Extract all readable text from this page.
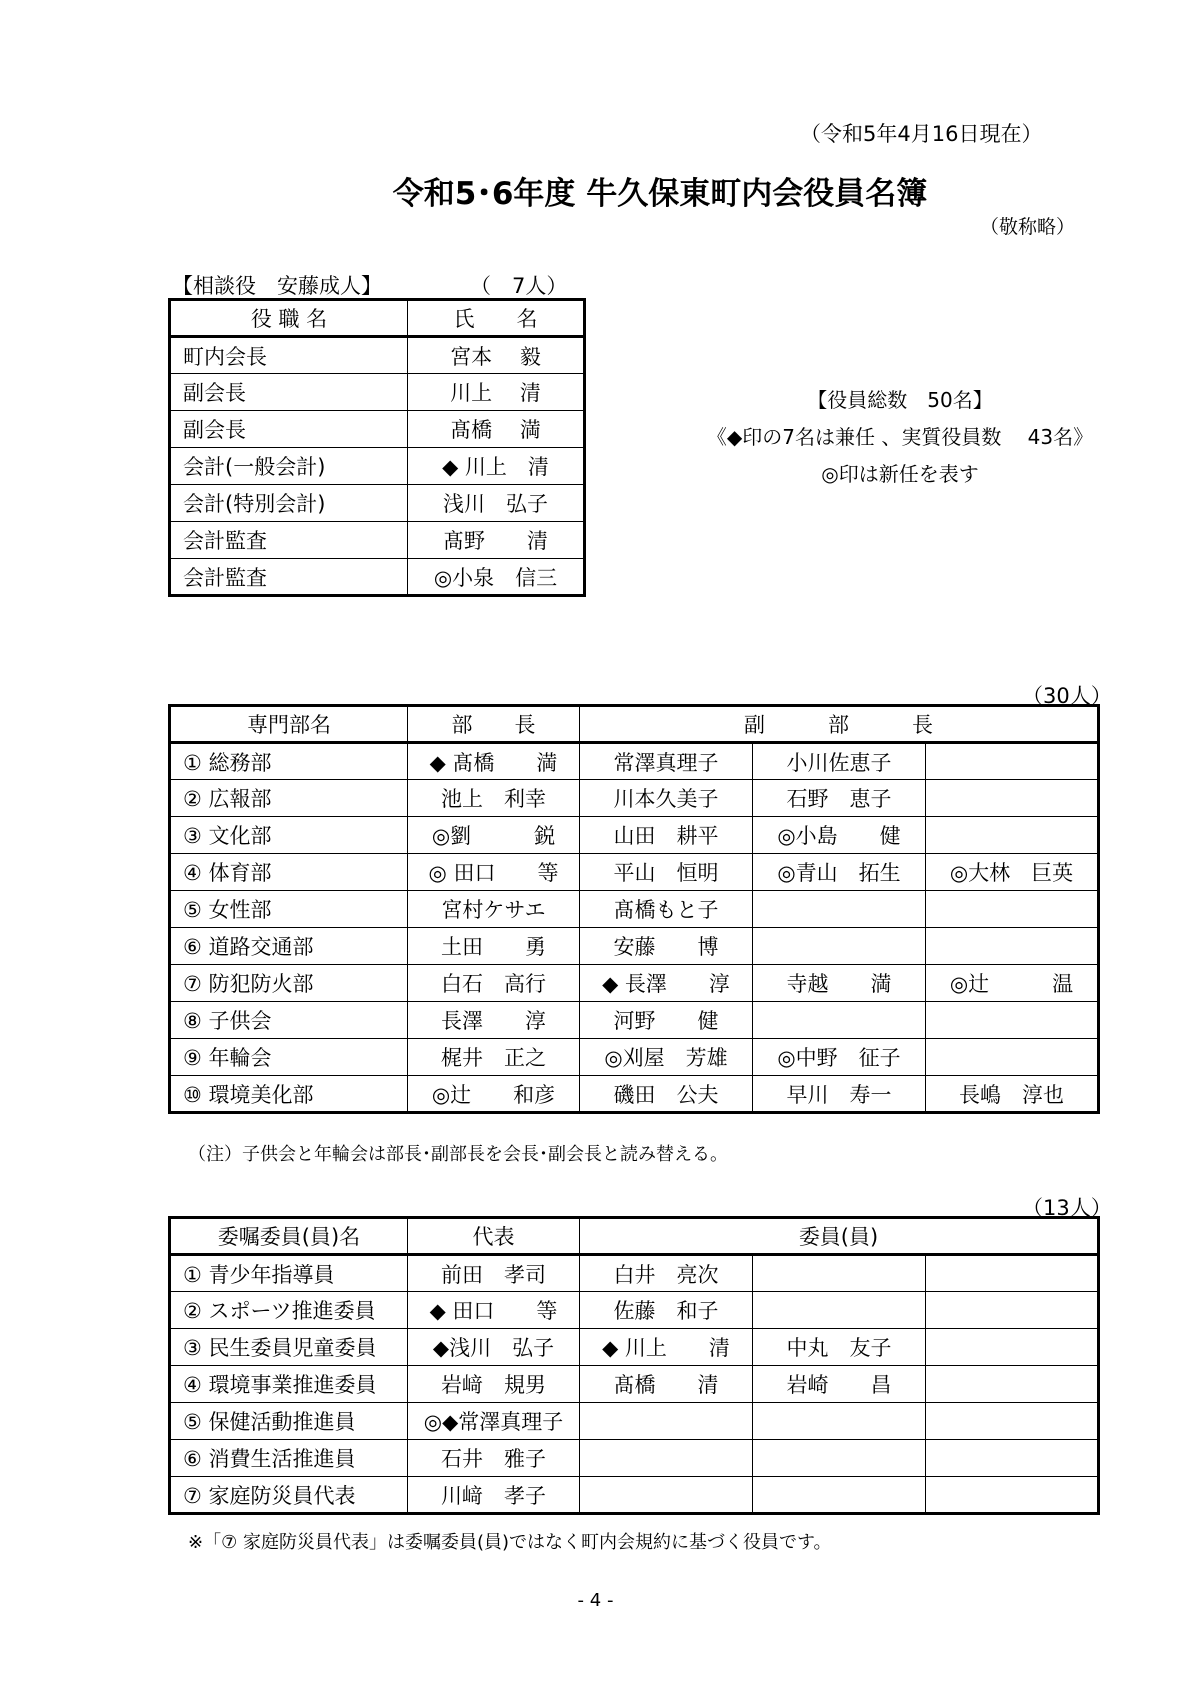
（令和5年4月16日現在）
令和5･6年度 牛久保東町内会役員名簿
（敬称略）
【相談役　安藤成人】	（　7人）
役 職 名	氏　　名
町内会長	宮本　 毅
副会長	川上　 清
副会長	髙橋　 満
会計(一般会計)	◆ 川上　清
会計(特別会計)	浅川　弘子
会計監査	髙野　　清
会計監査	◎小泉　信三
【役員総数　50名】
《◆印の7名は兼任 、実質役員数　 43名》
◎印は新任を表す
（30人）
専門部名	部　　長	副　　　部　　　長		
① 総務部	◆ 髙橋　　満	常澤真理子	小川佐恵子	
② 広報部	池上　利幸	川本久美子	石野　恵子	
③ 文化部	◎劉　　　鋭	山田　耕平	◎小島　　健	
④ 体育部	◎ 田口　　等	平山　恒明	◎青山　拓生	◎大林　巨英
⑤ 女性部	宮村ケサエ	髙橋もと子		
⑥ 道路交通部	土田　　勇	安藤　　博		
⑦ 防犯防火部	白石　高行	◆ 長澤　　淳	寺越　　満	◎辻　　　温
⑧ 子供会	長澤　　淳	河野　　健		
⑨ 年輪会	梶井　正之	◎刈屋　芳雄	◎中野　征子	
⑩ 環境美化部	◎辻　　和彦	磯田　公夫	早川　寿一	長嶋　淳也
（注）子供会と年輪会は部長･副部長を会長･副会長と読み替える。
（13人）
委嘱委員(員)名	代表	委員(員)		
① 青少年指導員	前田　孝司	白井　亮次		
② スポーツ推進委員	◆ 田口　　等	佐藤　和子		
③ 民生委員児童委員	◆浅川　弘子	◆ 川上　　清	中丸　友子	
④ 環境事業推進委員	岩﨑　規男	髙橋　　清	岩崎　　昌	
⑤ 保健活動推進員	◎◆常澤真理子			
⑥ 消費生活推進員	石井　雅子			
⑦ 家庭防災員代表	川﨑　孝子			
※「⑦ 家庭防災員代表」は委嘱委員(員)ではなく町内会規約に基づく役員です。
- 4 -
